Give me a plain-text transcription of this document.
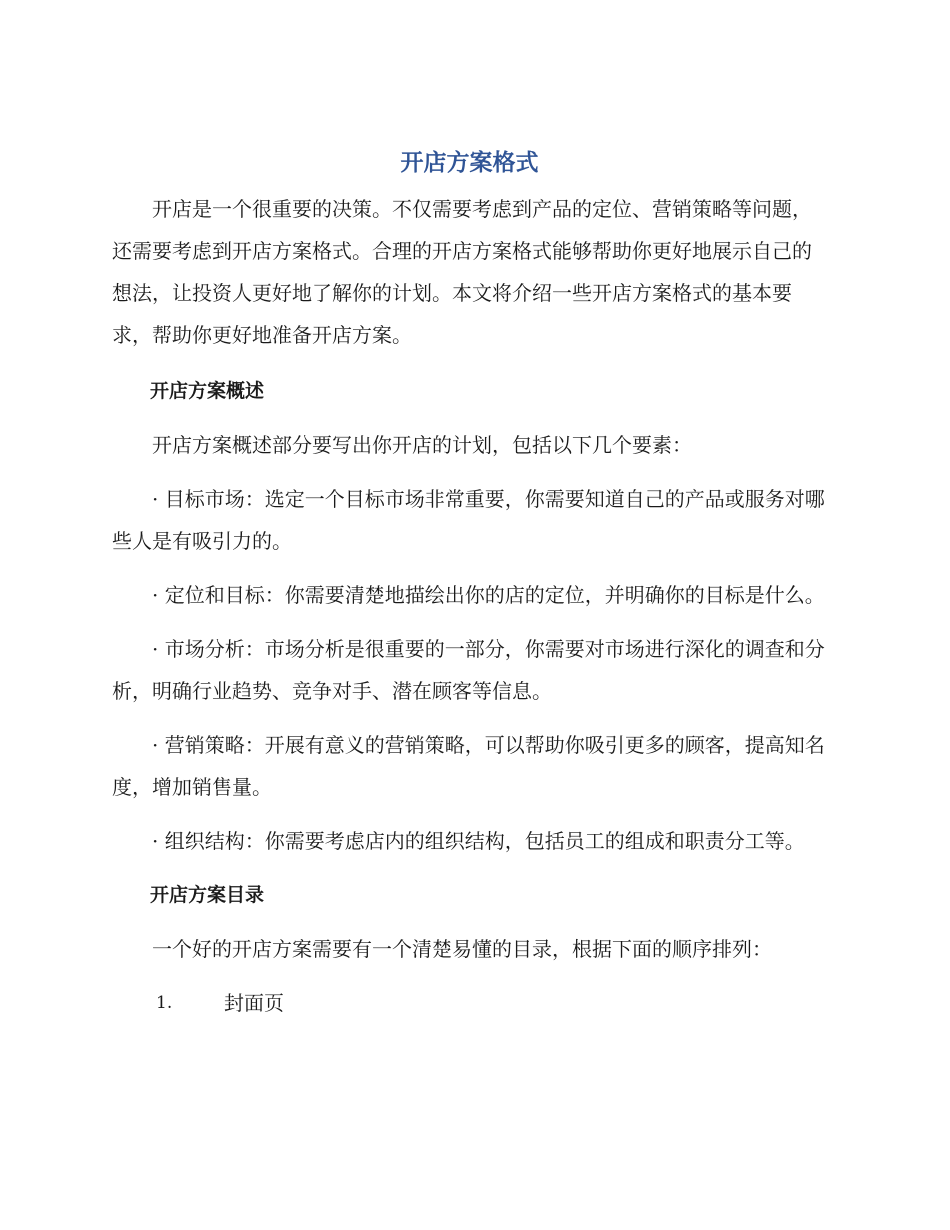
开店方案格式

开店是一个很重要的决策。不仅需要考虑到产品的定位、营销策略等问题，还需要考虑到开店方案格式。合理的开店方案格式能够帮助你更好地展示自己的想法，让投资人更好地了解你的计划。本文将介绍一些开店方案格式的基本要求，帮助你更好地准备开店方案。

开店方案概述

开店方案概述部分要写出你开店的计划，包括以下几个要素：

· 目标市场：选定一个目标市场非常重要，你需要知道自己的产品或服务对哪些人是有吸引力的。

· 定位和目标：你需要清楚地描绘出你的店的定位，并明确你的目标是什么。

· 市场分析：市场分析是很重要的一部分，你需要对市场进行深化的调查和分析，明确行业趋势、竞争对手、潜在顾客等信息。

· 营销策略：开展有意义的营销策略，可以帮助你吸引更多的顾客，提高知名度，增加销售量。

· 组织结构：你需要考虑店内的组织结构，包括员工的组成和职责分工等。

开店方案目录

一个好的开店方案需要有一个清楚易懂的目录，根据下面的顺序排列：

1.	封面页
